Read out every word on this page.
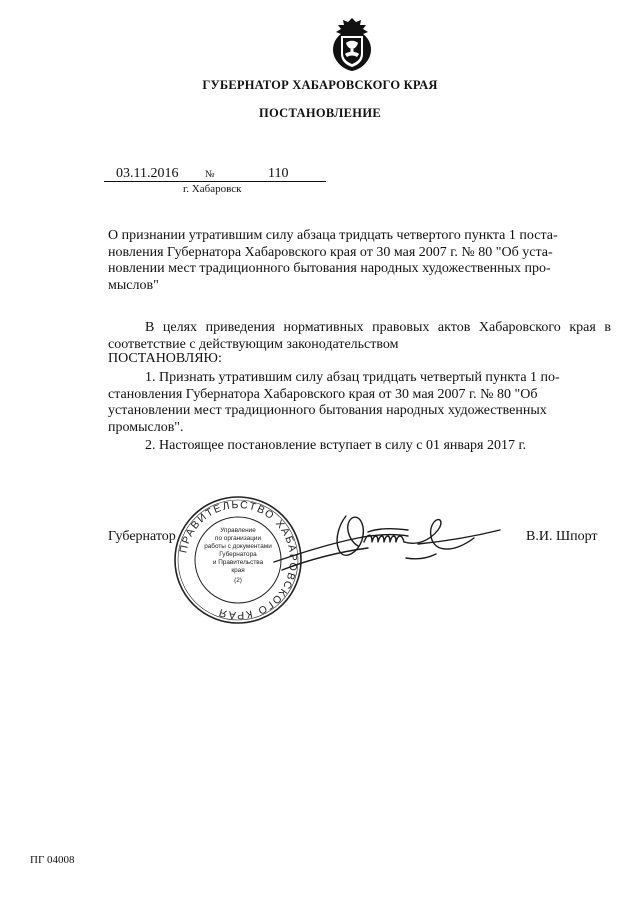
ГУБЕРНАТОР ХАБАРОВСКОГО КРАЯ
ПОСТАНОВЛЕНИЕ
03.11.2016	№	110
г. Хабаровск
О признании утратившим силу абзаца тридцать четвертого пункта 1 поста-
новления Губернатора Хабаровского края от 30 мая 2007 г. № 80 "Об уста-
новлении мест традиционного бытования народных художественных про-
мыслов"
В целях приведения нормативных правовых актов Хабаровского края в
соответствие с действующим законодательством
ПОСТАНОВЛЯЮ:
1. Признать утратившим силу абзац тридцать четвертый пункта 1 по-
становления Губернатора Хабаровского края от 30 мая 2007 г. № 80 "Об
установлении мест традиционного бытования народных художественных
промыслов".
2. Настоящее постановление вступает в силу с 01 января 2017 г.
Губернатор	В.И. Шпорт
ПРАВИТЕЛЬСТВО ХАБАРОВСКОГО КРАЯ
Управление
по организации
работы с документами
Губернатора
и Правительства
края
(2)
ПГ 04008
